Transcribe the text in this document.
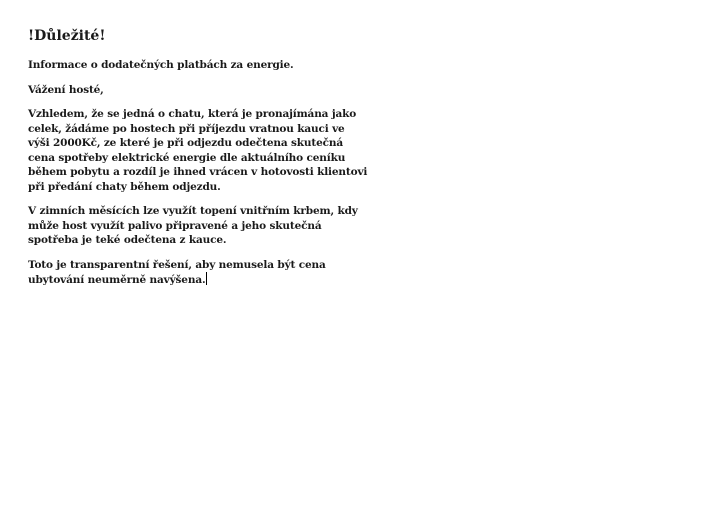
!Důležité!

Informace o dodatečných platbách za energie.

Vážení hosté,

Vzhledem, že se jedná o chatu, která je pronajímána jako celek, žádáme po hostech při příjezdu vratnou kauci ve výši 2000Kč, ze které je při odjezdu odečtena skutečná cena spotřeby elektrické energie dle aktuálního ceníku během pobytu a rozdíl je ihned vrácen v hotovosti klientovi při předání chaty během odjezdu.

V zimních měsících lze využít topení vnitřním krbem, kdy může host využít palivo připravené a jeho skutečná spotřeba je teké odečtena z kauce.

Toto je transparentní řešení, aby nemusela být cena ubytování neuměrně navýšena.
